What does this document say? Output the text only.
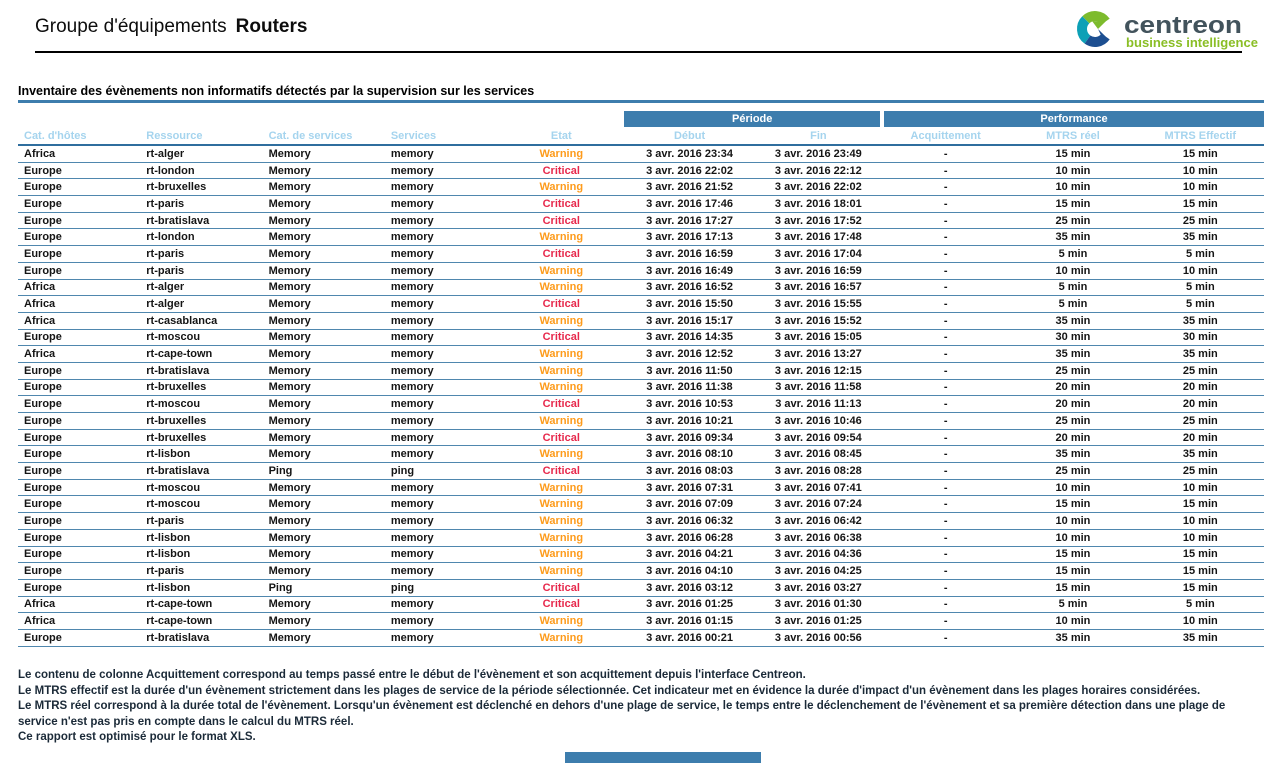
Groupe d'équipements Routers	centreon
business intelligence
Inventaire des évènements non informatifs détectés par la supervision sur les services
					Période		Performance		
Cat. d'hôtes	Ressource	Cat. de services	Services	Etat	Début	Fin	Acquittement	MTRS réel	MTRS Effectif
Africa	rt-alger	Memory	memory	Warning	3 avr. 2016 23:34	3 avr. 2016 23:49	-	15 min	15 min
Europe	rt-london	Memory	memory	Critical	3 avr. 2016 22:02	3 avr. 2016 22:12	-	10 min	10 min
Europe	rt-bruxelles	Memory	memory	Warning	3 avr. 2016 21:52	3 avr. 2016 22:02	-	10 min	10 min
Europe	rt-paris	Memory	memory	Critical	3 avr. 2016 17:46	3 avr. 2016 18:01	-	15 min	15 min
Europe	rt-bratislava	Memory	memory	Critical	3 avr. 2016 17:27	3 avr. 2016 17:52	-	25 min	25 min
Europe	rt-london	Memory	memory	Warning	3 avr. 2016 17:13	3 avr. 2016 17:48	-	35 min	35 min
Europe	rt-paris	Memory	memory	Critical	3 avr. 2016 16:59	3 avr. 2016 17:04	-	5 min	5 min
Europe	rt-paris	Memory	memory	Warning	3 avr. 2016 16:49	3 avr. 2016 16:59	-	10 min	10 min
Africa	rt-alger	Memory	memory	Warning	3 avr. 2016 16:52	3 avr. 2016 16:57	-	5 min	5 min
Africa	rt-alger	Memory	memory	Critical	3 avr. 2016 15:50	3 avr. 2016 15:55	-	5 min	5 min
Africa	rt-casablanca	Memory	memory	Warning	3 avr. 2016 15:17	3 avr. 2016 15:52	-	35 min	35 min
Europe	rt-moscou	Memory	memory	Critical	3 avr. 2016 14:35	3 avr. 2016 15:05	-	30 min	30 min
Africa	rt-cape-town	Memory	memory	Warning	3 avr. 2016 12:52	3 avr. 2016 13:27	-	35 min	35 min
Europe	rt-bratislava	Memory	memory	Warning	3 avr. 2016 11:50	3 avr. 2016 12:15	-	25 min	25 min
Europe	rt-bruxelles	Memory	memory	Warning	3 avr. 2016 11:38	3 avr. 2016 11:58	-	20 min	20 min
Europe	rt-moscou	Memory	memory	Critical	3 avr. 2016 10:53	3 avr. 2016 11:13	-	20 min	20 min
Europe	rt-bruxelles	Memory	memory	Warning	3 avr. 2016 10:21	3 avr. 2016 10:46	-	25 min	25 min
Europe	rt-bruxelles	Memory	memory	Critical	3 avr. 2016 09:34	3 avr. 2016 09:54	-	20 min	20 min
Europe	rt-lisbon	Memory	memory	Warning	3 avr. 2016 08:10	3 avr. 2016 08:45	-	35 min	35 min
Europe	rt-bratislava	Ping	ping	Critical	3 avr. 2016 08:03	3 avr. 2016 08:28	-	25 min	25 min
Europe	rt-moscou	Memory	memory	Warning	3 avr. 2016 07:31	3 avr. 2016 07:41	-	10 min	10 min
Europe	rt-moscou	Memory	memory	Warning	3 avr. 2016 07:09	3 avr. 2016 07:24	-	15 min	15 min
Europe	rt-paris	Memory	memory	Warning	3 avr. 2016 06:32	3 avr. 2016 06:42	-	10 min	10 min
Europe	rt-lisbon	Memory	memory	Warning	3 avr. 2016 06:28	3 avr. 2016 06:38	-	10 min	10 min
Europe	rt-lisbon	Memory	memory	Warning	3 avr. 2016 04:21	3 avr. 2016 04:36	-	15 min	15 min
Europe	rt-paris	Memory	memory	Warning	3 avr. 2016 04:10	3 avr. 2016 04:25	-	15 min	15 min
Europe	rt-lisbon	Ping	ping	Critical	3 avr. 2016 03:12	3 avr. 2016 03:27	-	15 min	15 min
Africa	rt-cape-town	Memory	memory	Critical	3 avr. 2016 01:25	3 avr. 2016 01:30	-	5 min	5 min
Africa	rt-cape-town	Memory	memory	Warning	3 avr. 2016 01:15	3 avr. 2016 01:25	-	10 min	10 min
Europe	rt-bratislava	Memory	memory	Warning	3 avr. 2016 00:21	3 avr. 2016 00:56	-	35 min	35 min
Le contenu de colonne Acquittement correspond au temps passé entre le début de l'évènement et son acquittement depuis l'interface Centreon.
Le MTRS effectif est la durée d'un évènement strictement dans les plages de service de la période sélectionnée. Cet indicateur met en évidence la durée d'impact d'un évènement dans les plages horaires considérées.
Le MTRS réel correspond à la durée total de l'évènement. Lorsqu'un évènement est déclenché en dehors d'une plage de service, le temps entre le déclenchement de l'évènement et sa première détection dans une plage de
service n'est pas pris en compte dans le calcul du MTRS réel.
Ce rapport est optimisé pour le format XLS.
